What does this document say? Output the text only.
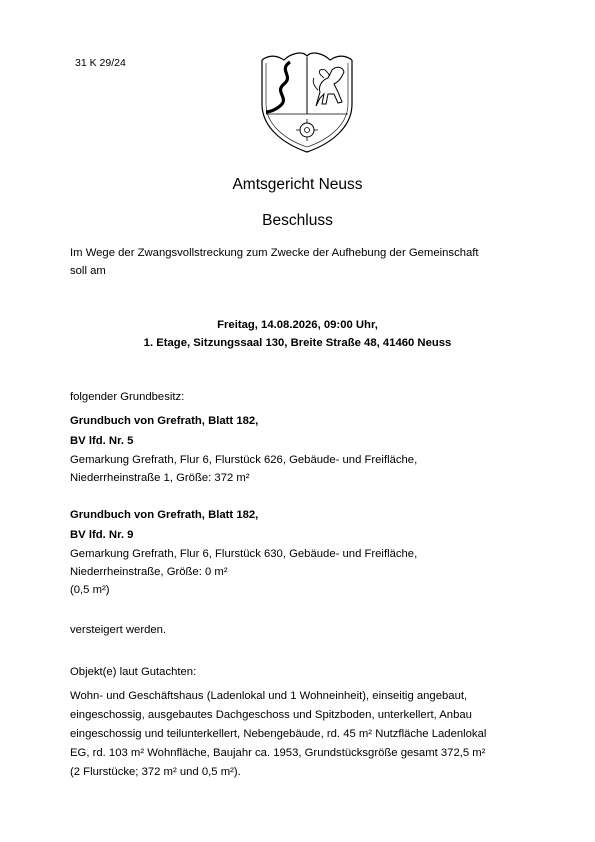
31 K 29/24
Amtsgericht Neuss
Beschluss
Im Wege der Zwangsvollstreckung zum Zwecke der Aufhebung der Gemeinschaft
soll am
Freitag, 14.08.2026, 09:00 Uhr,
1. Etage, Sitzungssaal 130, Breite Straße 48, 41460 Neuss
folgender Grundbesitz:
Grundbuch von Grefrath, Blatt 182,
BV lfd. Nr. 5
Gemarkung Grefrath, Flur 6, Flurstück 626, Gebäude- und Freifläche,
Niederrheinstraße 1, Größe: 372 m²
Grundbuch von Grefrath, Blatt 182,
BV lfd. Nr. 9
Gemarkung Grefrath, Flur 6, Flurstück 630, Gebäude- und Freifläche,
Niederrheinstraße, Größe: 0 m²
(0,5 m²)
versteigert werden.
Objekt(e) laut Gutachten:
Wohn- und Geschäftshaus (Ladenlokal und 1 Wohneinheit), einseitig angebaut,
eingeschossig, ausgebautes Dachgeschoss und Spitzboden, unterkellert, Anbau
eingeschossig und teilunterkellert, Nebengebäude, rd. 45 m² Nutzfläche Ladenlokal
EG, rd. 103 m² Wohnfläche, Baujahr ca. 1953, Grundstücksgröße gesamt 372,5 m²
(2 Flurstücke; 372 m² und 0,5 m²).
